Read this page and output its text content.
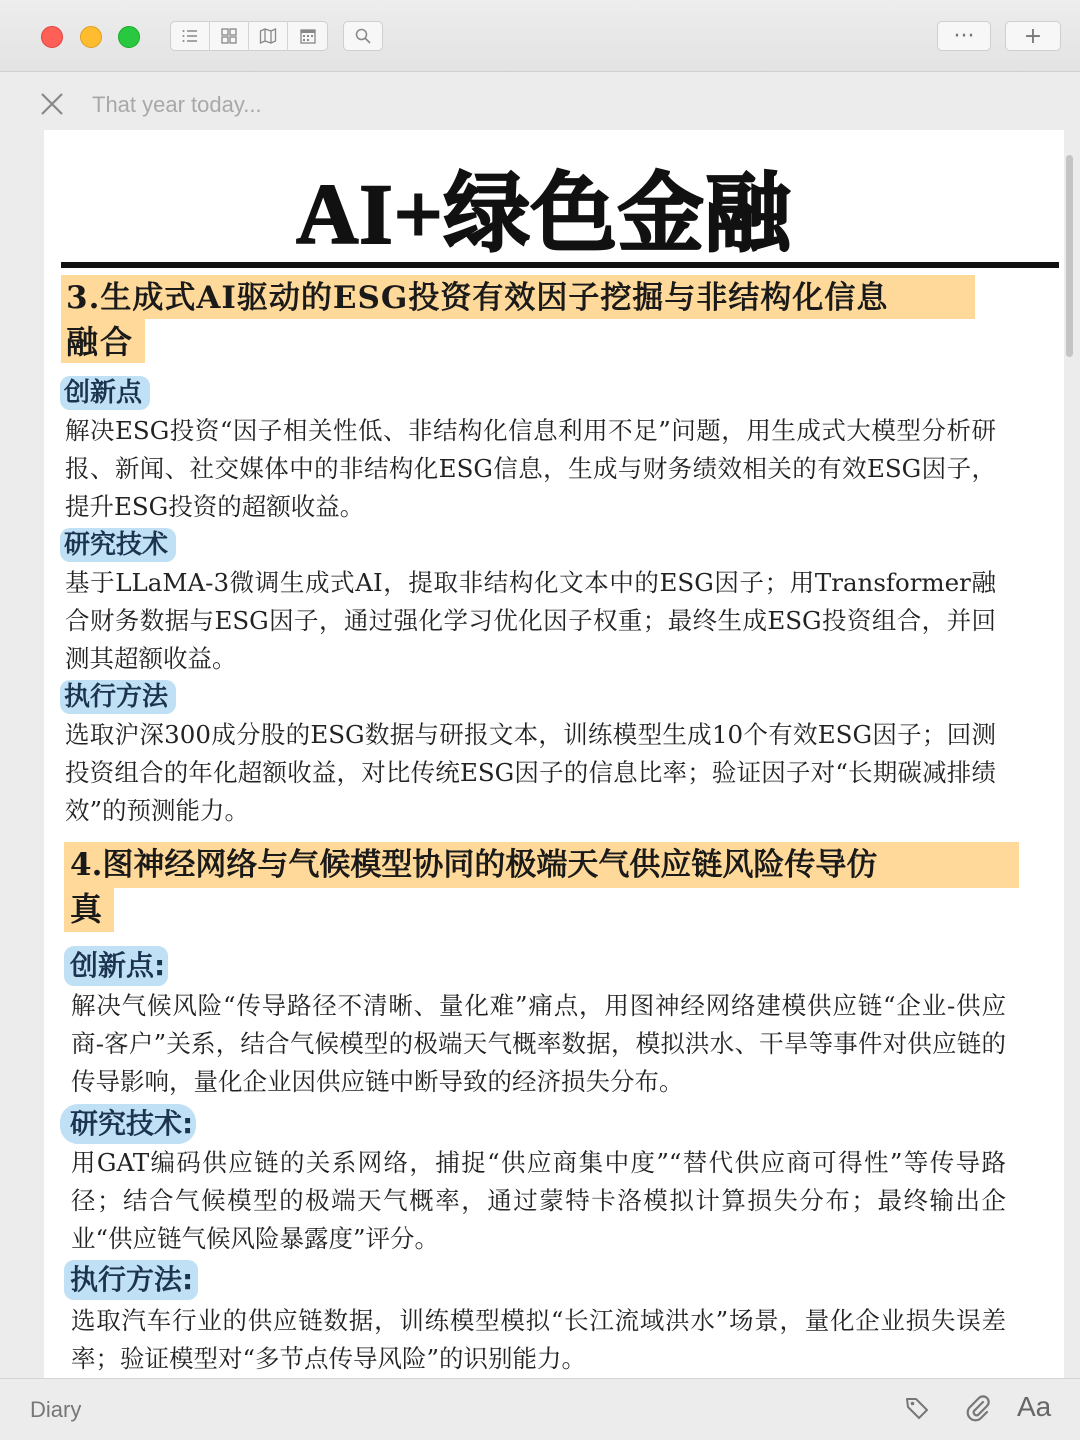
··· +
That year today...
AI+绿色金融
3.生成式AI驱动的ESG投资有效因子挖掘与非结构化信息
融合
创新点
解决ESG投资“因子相关性低、非结构化信息利用不足”问题，用生成式大模型分析研报、新闻、社交媒体中的非结构化ESG信息，生成与财务绩效相关的有效ESG因子，提升ESG投资的超额收益。
研究技术
基于LLaMA-3微调生成式AI，提取非结构化文本中的ESG因子；用Transformer融合财务数据与ESG因子，通过强化学习优化因子权重；最终生成ESG投资组合，并回测其超额收益。
执行方法
选取沪深300成分股的ESG数据与研报文本，训练模型生成10个有效ESG因子；回测投资组合的年化超额收益，对比传统ESG因子的信息比率；验证因子对“长期碳减排绩效”的预测能力。
4.图神经网络与气候模型协同的极端天气供应链风险传导仿
真
创新点:
解决气候风险“传导路径不清晰、量化难”痛点，用图神经网络建模供应链“企业-供应商-客户”关系，结合气候模型的极端天气概率数据，模拟洪水、干旱等事件对供应链的传导影响，量化企业因供应链中断导致的经济损失分布。
研究技术:
用GAT编码供应链的关系网络，捕捉“供应商集中度”“替代供应商可得性”等传导路径；结合气候模型的极端天气概率，通过蒙特卡洛模拟计算损失分布；最终输出企业“供应链气候风险暴露度”评分。
执行方法:
选取汽车行业的供应链数据，训练模型模拟“长江流域洪水”场景，量化企业损失误差率；验证模型对“多节点传导风险”的识别能力。
Diary	Aa
